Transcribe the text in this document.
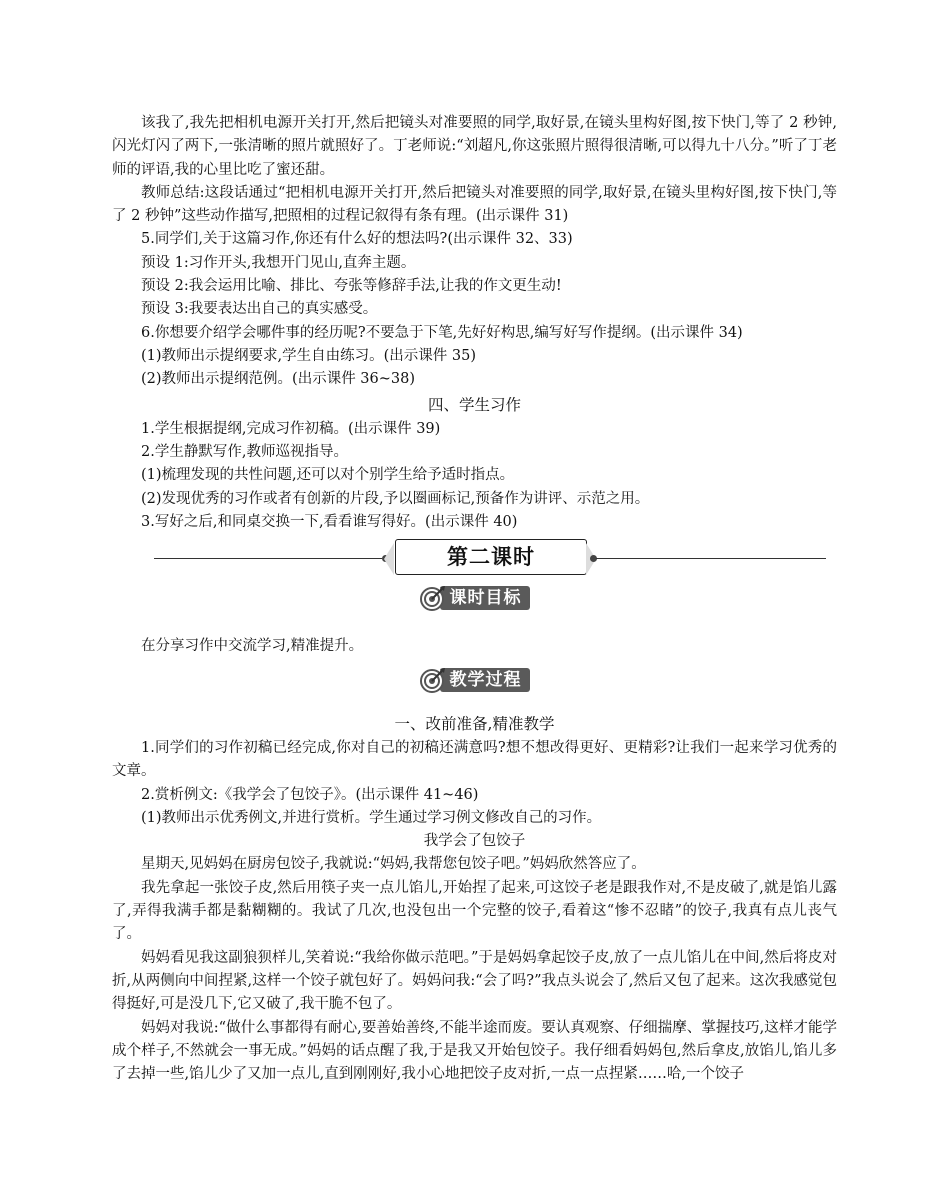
该我了,我先把相机电源开关打开,然后把镜头对准要照的同学,取好景,在镜头里构好图,按下快门,等了 2 秒钟,闪光灯闪了两下,一张清晰的照片就照好了。丁老师说:“刘超凡,你这张照片照得很清晰,可以得九十八分。”听了丁老师的评语,我的心里比吃了蜜还甜。

教师总结:这段话通过“把相机电源开关打开,然后把镜头对准要照的同学,取好景,在镜头里构好图,按下快门,等了 2 秒钟”这些动作描写,把照相的过程记叙得有条有理。(出示课件 31)

5.同学们,关于这篇习作,你还有什么好的想法吗?(出示课件 32、33)

预设 1:习作开头,我想开门见山,直奔主题。

预设 2:我会运用比喻、排比、夸张等修辞手法,让我的作文更生动!

预设 3:我要表达出自己的真实感受。

6.你想要介绍学会哪件事的经历呢?不要急于下笔,先好好构思,编写好写作提纲。(出示课件 34)

(1)教师出示提纲要求,学生自由练习。(出示课件 35)

(2)教师出示提纲范例。(出示课件 36~38)

四、学生习作

1.学生根据提纲,完成习作初稿。(出示课件 39)

2.学生静默写作,教师巡视指导。

(1)梳理发现的共性问题,还可以对个别学生给予适时指点。

(2)发现优秀的习作或者有创新的片段,予以圈画标记,预备作为讲评、示范之用。

3.写好之后,和同桌交换一下,看看谁写得好。(出示课件 40)

第二课时
课时目标

在分享习作中交流学习,精准提升。

教学过程
一、改前准备,精准教学

1.同学们的习作初稿已经完成,你对自己的初稿还满意吗?想不想改得更好、更精彩?让我们一起来学习优秀的文章。

2.赏析例文:《我学会了包饺子》。(出示课件 41~46)

(1)教师出示优秀例文,并进行赏析。学生通过学习例文修改自己的习作。

我学会了包饺子

星期天,见妈妈在厨房包饺子,我就说:“妈妈,我帮您包饺子吧。”妈妈欣然答应了。

我先拿起一张饺子皮,然后用筷子夹一点儿馅儿,开始捏了起来,可这饺子老是跟我作对,不是皮破了,就是馅儿露了,弄得我满手都是黏糊糊的。我试了几次,也没包出一个完整的饺子,看着这“惨不忍睹”的饺子,我真有点儿丧气了。

妈妈看见我这副狼狈样儿,笑着说:“我给你做示范吧。”于是妈妈拿起饺子皮,放了一点儿馅儿在中间,然后将皮对折,从两侧向中间捏紧,这样一个饺子就包好了。妈妈问我:“会了吗?”我点头说会了,然后又包了起来。这次我感觉包得挺好,可是没几下,它又破了,我干脆不包了。

妈妈对我说:“做什么事都得有耐心,要善始善终,不能半途而废。要认真观察、仔细揣摩、掌握技巧,这样才能学成个样子,不然就会一事无成。”妈妈的话点醒了我,于是我又开始包饺子。我仔细看妈妈包,然后拿皮,放馅儿,馅儿多了去掉一些,馅儿少了又加一点儿,直到刚刚好,我小心地把饺子皮对折,一点一点捏紧……哈,一个饺子
